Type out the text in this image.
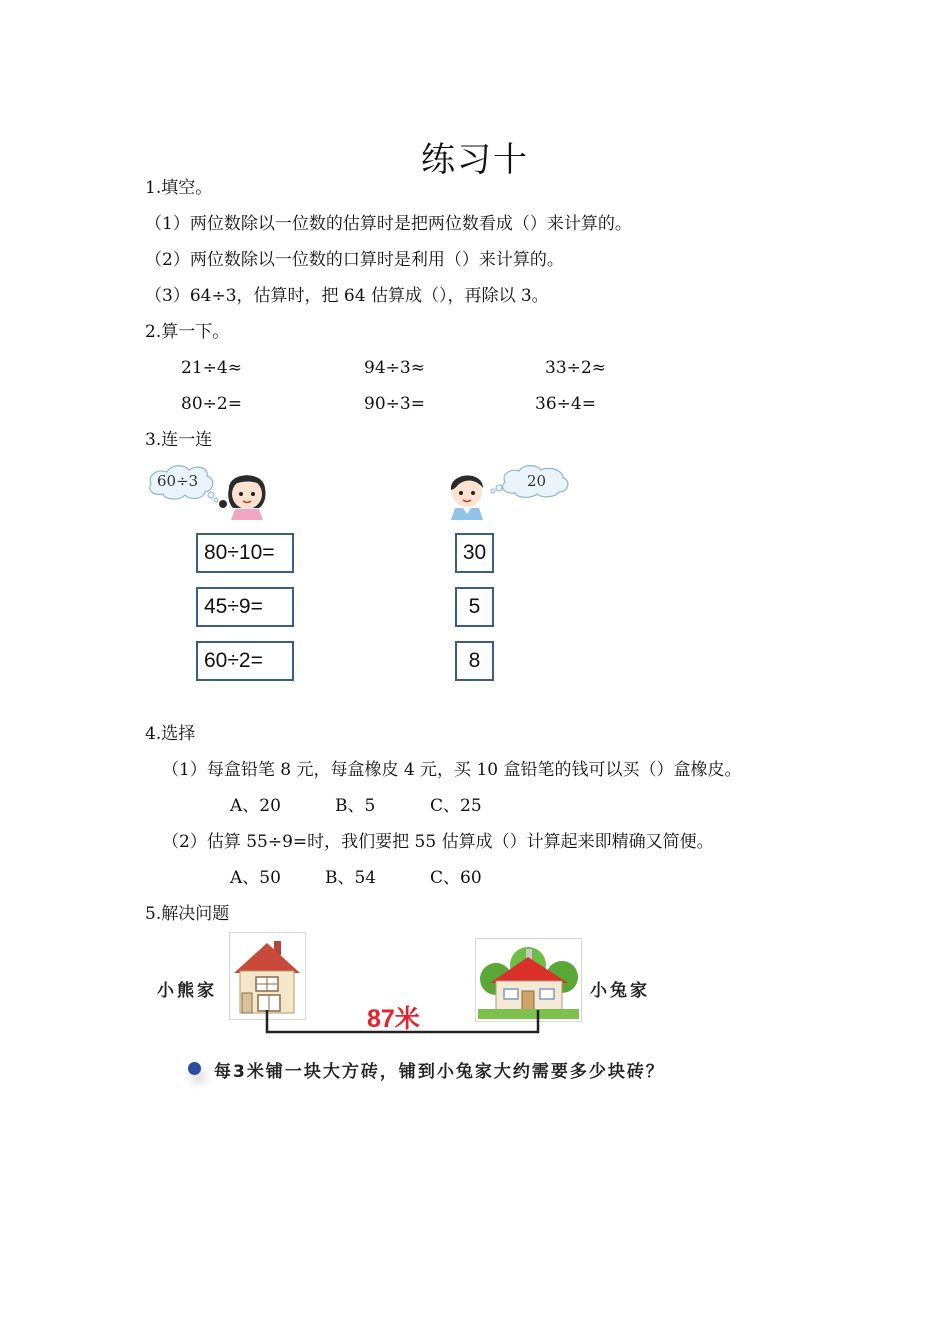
练习十
1.填空。
（1）两位数除以一位数的估算时是把两位数看成（）来计算的。
（2）两位数除以一位数的口算时是利用（）来计算的。
（3）64÷3，估算时，把 64 估算成（），再除以 3。
2.算一下。
21÷4≈	94÷3≈	33÷2≈
80÷2=	90÷3=	36÷4=
3.连一连
60÷3	20
80÷10=
45÷9=
60÷2=
30
5
8
4.选择
（1）每盒铅笔 8 元，每盒橡皮 4 元，买 10 盒铅笔的钱可以买（）盒橡皮。
A、20	B、5	C、25
（2）估算 55÷9=时，我们要把 55 估算成（）计算起来即精确又简便。
A、50	B、54	C、60
5.解决问题
小熊家	小兔家
87米
每3米铺一块大方砖，铺到小兔家大约需要多少块砖？
